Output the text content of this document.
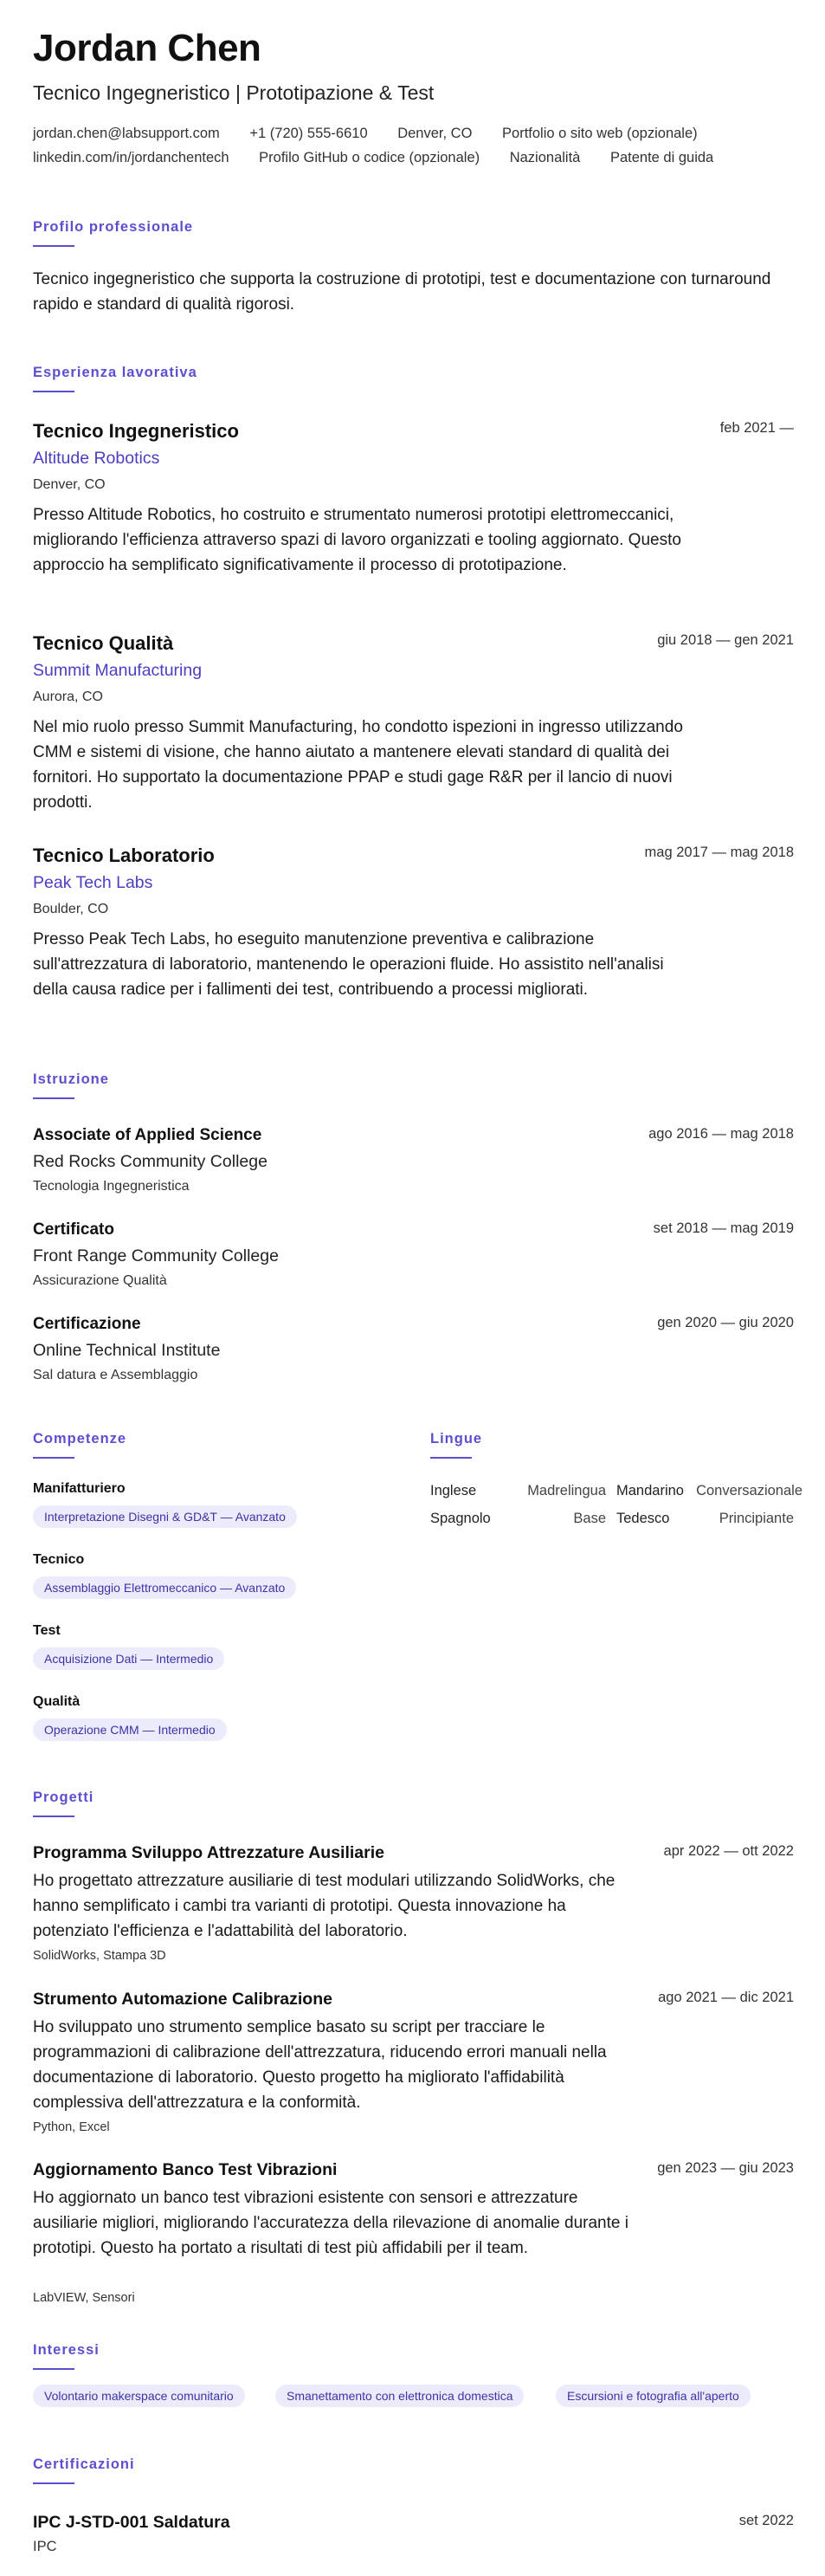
Jordan Chen
Tecnico Ingegneristico | Prototipazione & Test
jordan.chen@labsupport.com +1 (720) 555-6610 Denver, CO Portfolio o sito web (opzionale)
linkedin.com/in/jordanchentech Profilo GitHub o codice (opzionale) Nazionalità Patente di guida
Profilo professionale
Tecnico ingegneristico che supporta la costruzione di prototipi, test e documentazione con turnaround rapido e standard di qualità rigorosi.
Esperienza lavorativa
Tecnico Ingegneristico	feb 2021 —
Altitude Robotics
Denver, CO
Presso Altitude Robotics, ho costruito e strumentato numerosi prototipi elettromeccanici, migliorando l'efficienza attraverso spazi di lavoro organizzati e tooling aggiornato. Questo approccio ha semplificato significativamente il processo di prototipazione.
Tecnico Qualità	giu 2018 — gen 2021
Summit Manufacturing
Aurora, CO
Nel mio ruolo presso Summit Manufacturing, ho condotto ispezioni in ingresso utilizzando CMM e sistemi di visione, che hanno aiutato a mantenere elevati standard di qualità dei fornitori. Ho supportato la documentazione PPAP e studi gage R&R per il lancio di nuovi prodotti.
Tecnico Laboratorio	mag 2017 — mag 2018
Peak Tech Labs
Boulder, CO
Presso Peak Tech Labs, ho eseguito manutenzione preventiva e calibrazione sull'attrezzatura di laboratorio, mantenendo le operazioni fluide. Ho assistito nell'analisi della causa radice per i fallimenti dei test, contribuendo a processi migliorati.
Istruzione
Associate of Applied Science	ago 2016 — mag 2018
Red Rocks Community College
Tecnologia Ingegneristica
Certificato	set 2018 — mag 2019
Front Range Community College
Assicurazione Qualità
Certificazione	gen 2020 — giu 2020
Online Technical Institute
Sal datura e Assemblaggio
Competenze
Manifatturiero
Interpretazione Disegni & GD&T — Avanzato
Tecnico
Assemblaggio Elettromeccanico — Avanzato
Test
Acquisizione Dati — Intermedio
Qualità
Operazione CMM — Intermedio
Lingue
Inglese	Madrelingua Mandarino Conversazionale
Spagnolo	Base Tedesco	Principiante
Progetti
Programma Sviluppo Attrezzature Ausiliarie	apr 2022 — ott 2022
Ho progettato attrezzature ausiliarie di test modulari utilizzando SolidWorks, che hanno semplificato i cambi tra varianti di prototipi. Questa innovazione ha potenziato l'efficienza e l'adattabilità del laboratorio.
SolidWorks, Stampa 3D
Strumento Automazione Calibrazione	ago 2021 — dic 2021
Ho sviluppato uno strumento semplice basato su script per tracciare le programmazioni di calibrazione dell'attrezzatura, riducendo errori manuali nella documentazione di laboratorio. Questo progetto ha migliorato l'affidabilità complessiva dell'attrezzatura e la conformità.
Python, Excel
Aggiornamento Banco Test Vibrazioni	gen 2023 — giu 2023
Ho aggiornato un banco test vibrazioni esistente con sensori e attrezzature ausiliarie migliori, migliorando l'accuratezza della rilevazione di anomalie durante i prototipi. Questo ha portato a risultati di test più affidabili per il team.
LabVIEW, Sensori
Interessi
Volontario makerspace comunitario	Smanettamento con elettronica domestica	Escursioni e fotografia all'aperto
Certificazioni
IPC J-STD-001 Saldatura	set 2022
IPC
